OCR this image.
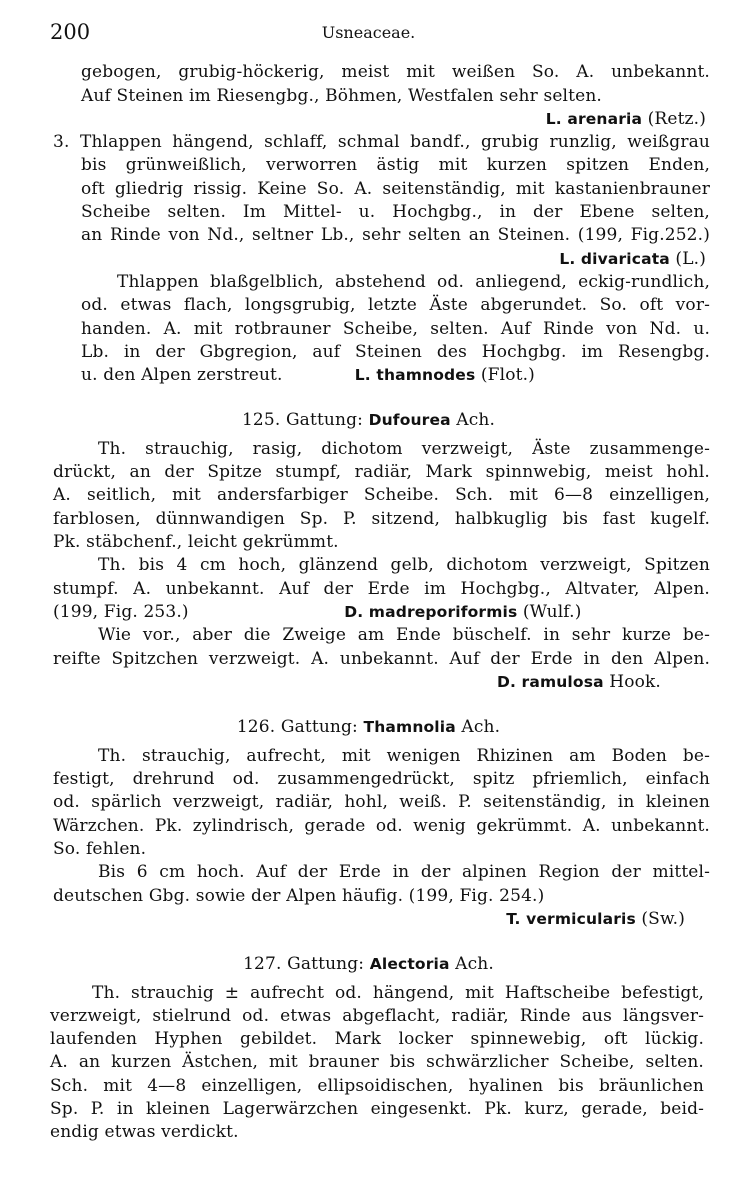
200	Usneaceae.
gebogen, grubig-höckerig, meist mit weißen So. A. unbekannt.
Auf Steinen im Riesengbg., Böhmen, Westfalen sehr selten.
L. arenaria (Retz.)
3. Thlappen hängend, schlaff, schmal bandf., grubig runzlig, weißgrau
bis grünweißlich, verworren ästig mit kurzen spitzen Enden,
oft gliedrig rissig. Keine So. A. seitenständig, mit kastanienbrauner
Scheibe selten. Im Mittel- u. Hochgbg., in der Ebene selten,
an Rinde von Nd., seltner Lb., sehr selten an Steinen. (199, Fig.252.)
L. divaricata (L.)
Thlappen blaßgelblich, abstehend od. anliegend, eckig-rundlich,
od. etwas flach, longsgrubig, letzte Äste abgerundet. So. oft vor-
handen. A. mit rotbrauner Scheibe, selten. Auf Rinde von Nd. u.
Lb. in der Gbgregion, auf Steinen des Hochgbg. im Resengbg.
u. den Alpen zerstreut.             L. thamnodes (Flot.)
125. Gattung: Dufourea Ach.
Th. strauchig, rasig, dichotom verzweigt, Äste zusammenge-
drückt, an der Spitze stumpf, radiär, Mark spinnwebig, meist hohl.
A. seitlich, mit andersfarbiger Scheibe. Sch. mit 6—8 einzelligen,
farblosen, dünnwandigen Sp. P. sitzend, halbkuglig bis fast kugelf.
Pk. stäbchenf., leicht gekrümmt.
Th. bis 4 cm hoch, glänzend gelb, dichotom verzweigt, Spitzen
stumpf. A. unbekannt. Auf der Erde im Hochgbg., Altvater, Alpen.
(199, Fig. 253.)                            D. madreporiformis (Wulf.)
Wie vor., aber die Zweige am Ende büschelf. in sehr kurze be-
reifte Spitzchen verzweigt. A. unbekannt. Auf der Erde in den Alpen.
D. ramulosa Hook.
126. Gattung: Thamnolia Ach.
Th. strauchig, aufrecht, mit wenigen Rhizinen am Boden be-
festigt, drehrund od. zusammengedrückt, spitz pfriemlich, einfach
od. spärlich verzweigt, radiär, hohl, weiß. P. seitenständig, in kleinen
Wärzchen. Pk. zylindrisch, gerade od. wenig gekrümmt. A. unbekannt.
So. fehlen.
Bis 6 cm hoch. Auf der Erde in der alpinen Region der mittel-
deutschen Gbg. sowie der Alpen häufig. (199, Fig. 254.)
T. vermicularis (Sw.)
127. Gattung: Alectoria Ach.
Th. strauchig ± aufrecht od. hängend, mit Haftscheibe befestigt,
verzweigt, stielrund od. etwas abgeflacht, radiär, Rinde aus längsver-
laufenden Hyphen gebildet. Mark locker spinnewebig, oft lückig.
A. an kurzen Ästchen, mit brauner bis schwärzlicher Scheibe, selten.
Sch. mit 4—8 einzelligen, ellipsoidischen, hyalinen bis bräunlichen
Sp. P. in kleinen Lagerwärzchen eingesenkt. Pk. kurz, gerade, beid-
endig etwas verdickt.
